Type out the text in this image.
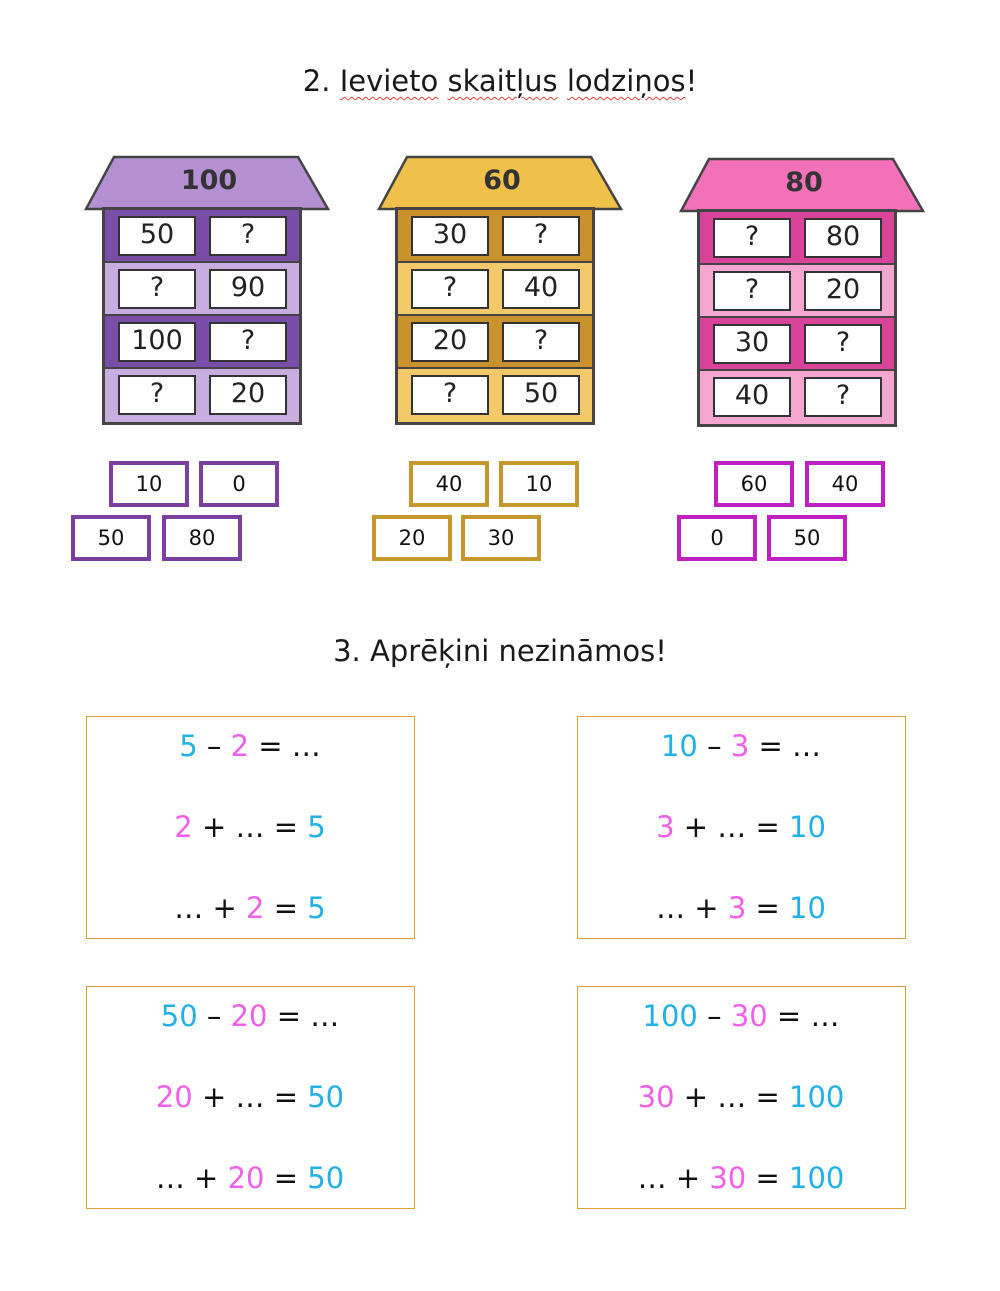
2. Ievieto skaitļus lodziņos!
100
50	?
?	90
100	?
?	20
60
30	?
?	40
20	?
?	50
80
?	80
?	20
30	?
40	?
10	0
50	80
40	10
20	30
60	40
0	50
3. Aprēķini nezināmos!
5 – 2 = …
2 + … = 5
… + 2 = 5
10 – 3 = …
3 + … = 10
… + 3 = 10
50 – 20 = …
20 + … = 50
… + 20 = 50
100 – 30 = …
30 + … = 100
… + 30 = 100
